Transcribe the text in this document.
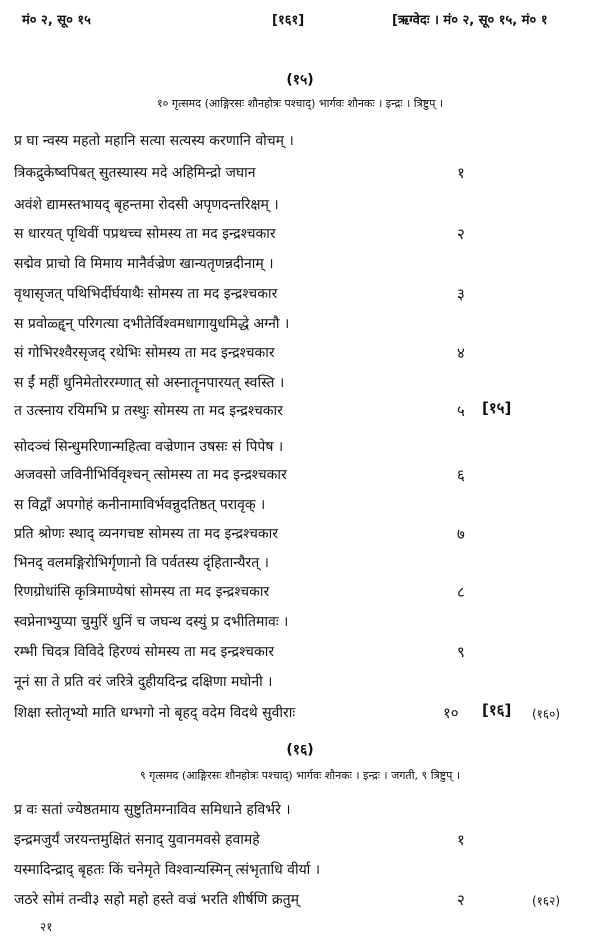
मं० २, सू० १५	[१६१]	[ऋग्वेदः । मं० २, सू० १५, मं० १
(१५)
१० गृत्समद (आङ्गिरसः शौनहोत्रः पश्चाद्) भार्गवः शौनकः । इन्द्रः । त्रिष्टुप् ।
प्र घा न्वस्य महतो महानि सत्या सत्यस्य करणानि वोचम् ।
त्रिकद्रुकेष्वपिबत् सुतस्यास्य मदे अहिमिन्द्रो जघान	१
अवंशे द्यामस्तभायद् बृहन्तमा रोदसी अपृणदन्तरिक्षम् ।
स धारयत् पृथिवीं पप्रथच्च सोमस्य ता मद इन्द्रश्चकार	२
सद्मेव प्राचो वि मिमाय मानैर्वज्रेण खान्यतृणन्नदीनाम् ।
वृथासृजत् पथिभिर्दीर्घयाथैः सोमस्य ता मद इन्द्रश्चकार	३
स प्रवोळ्हॄन् परिगत्या दभीतेर्विश्वमधागायुधमिद्धे अग्नौ ।
सं गोभिरश्वैरसृजद् रथेभिः सोमस्य ता मद इन्द्रश्चकार	४
स ईं महीं धुनिमेतोररम्णात् सो अस्नातॄनपारयत् स्वस्ति ।
त उत्स्नाय रयिमभि प्र तस्थुः सोमस्य ता मद इन्द्रश्चकार	५ [१५]
सोदञ्चं सिन्धुमरिणान्महित्वा वज्रेणान उषसः सं पिपेष ।
अजवसो जविनीभिर्विवृश्चन् त्सोमस्य ता मद इन्द्रश्चकार	६
स विद्वाँ अपगोहं कनीनामाविर्भवन्नुदतिष्ठत् परावृक् ।
प्रति श्रोणः स्थाद् व्यनगचष्ट सोमस्य ता मद इन्द्रश्चकार	७
भिनद् वलमङ्गिरोभिर्गृणानो वि पर्वतस्य दृंहितान्यैरत् ।
रिणग्रोधांसि कृत्रिमाण्येषां सोमस्य ता मद इन्द्रश्चकार	८
स्वप्नेनाभ्युप्या चुमुरिं धुनिं च जघन्थ दस्युं प्र दभीतिमावः ।
रम्भी चिदत्र विविदे हिरण्यं सोमस्य ता मद इन्द्रश्चकार	९
नूनं सा ते प्रति वरं जरित्रे दुहीयदिन्द्र दक्षिणा मघोनी ।
शिक्षा स्तोतृभ्यो माति धग्भगो नो बृहद् वदेम विदथे सुवीराः	१० [१६] (१६०)
(१६)
९ गृत्समद (आङ्गिरसः शौनहोत्रः पश्चाद्) भार्गवः शौनकः । इन्द्रः । जगती, ९ त्रिष्टुप् ।
प्र वः सतां ज्येष्ठतमाय सुष्टुतिमग्नाविव समिधाने हविर्भरे ।
इन्द्रमजुर्यं जरयन्तमुक्षितं सनाद् युवानमवसे हवामहे	१
यस्मादिन्द्राद् बृहतः किं चनेमृते विश्वान्यस्मिन् त्संभृताधि वीर्या ।
जठरे सोमं तन्वी३ सहो महो हस्ते वज्रं भरति शीर्षणि क्रतुम्	२	(१६२)
२१
